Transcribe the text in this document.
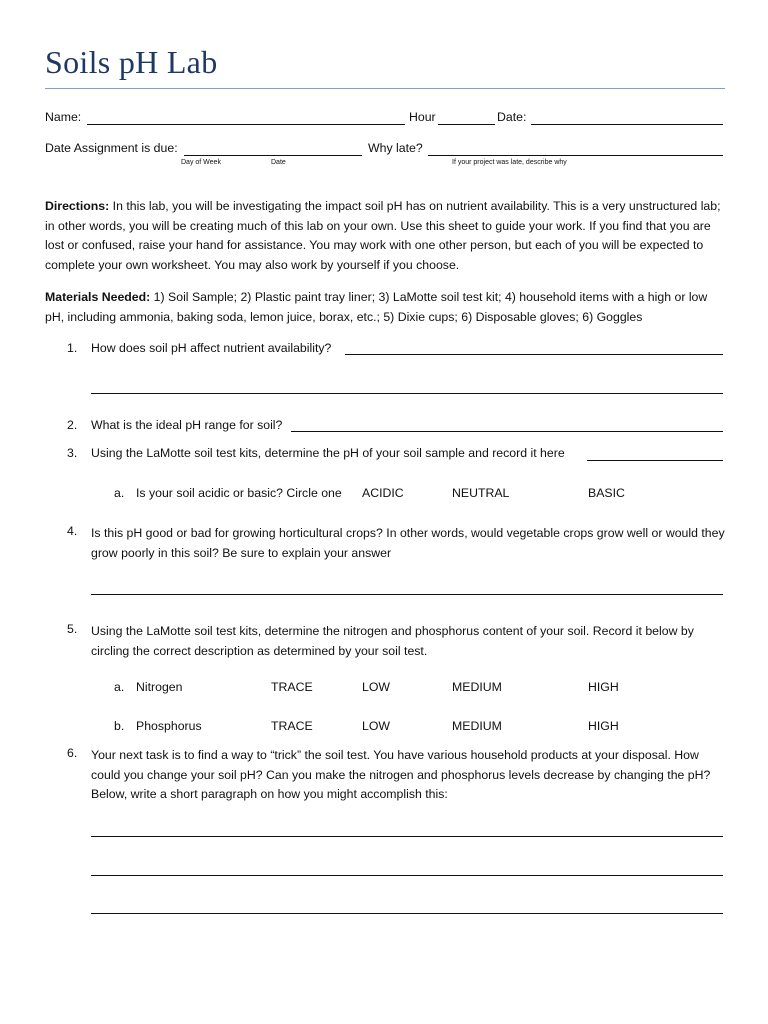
Soils pH Lab
Name:	Hour	Date:
Date Assignment is due:	Why late?
Day of Week	Date	If your project was late, describe why
Directions: In this lab, you will be investigating the impact soil pH has on nutrient availability. This is a very unstructured lab; in other words, you will be creating much of this lab on your own. Use this sheet to guide your work. If you find that you are lost or confused, raise your hand for assistance. You may work with one other person, but each of you will be expected to complete your own worksheet. You may also work by yourself if you choose.
Materials Needed: 1) Soil Sample; 2) Plastic paint tray liner; 3) LaMotte soil test kit; 4) household items with a high or low pH, including ammonia, baking soda, lemon juice, borax, etc.; 5) Dixie cups; 6) Disposable gloves; 6) Goggles
1.	How does soil pH affect nutrient availability?
2.	What is the ideal pH range for soil?
3.	Using the LaMotte soil test kits, determine the pH of your soil sample and record it here
a. Is your soil acidic or basic? Circle one ACIDIC	NEUTRAL	BASIC
4.	Is this pH good or bad for growing horticultural crops? In other words, would vegetable crops grow well or would they grow poorly in this soil? Be sure to explain your answer
5.	Using the LaMotte soil test kits, determine the nitrogen and phosphorus content of your soil. Record it below by circling the correct description as determined by your soil test.
a. Nitrogen	TRACE	LOW	MEDIUM	HIGH
b. Phosphorus	TRACE	LOW	MEDIUM	HIGH
6.	Your next task is to find a way to “trick” the soil test. You have various household products at your disposal. How could you change your soil pH? Can you make the nitrogen and phosphorus levels decrease by changing the pH? Below, write a short paragraph on how you might accomplish this:
